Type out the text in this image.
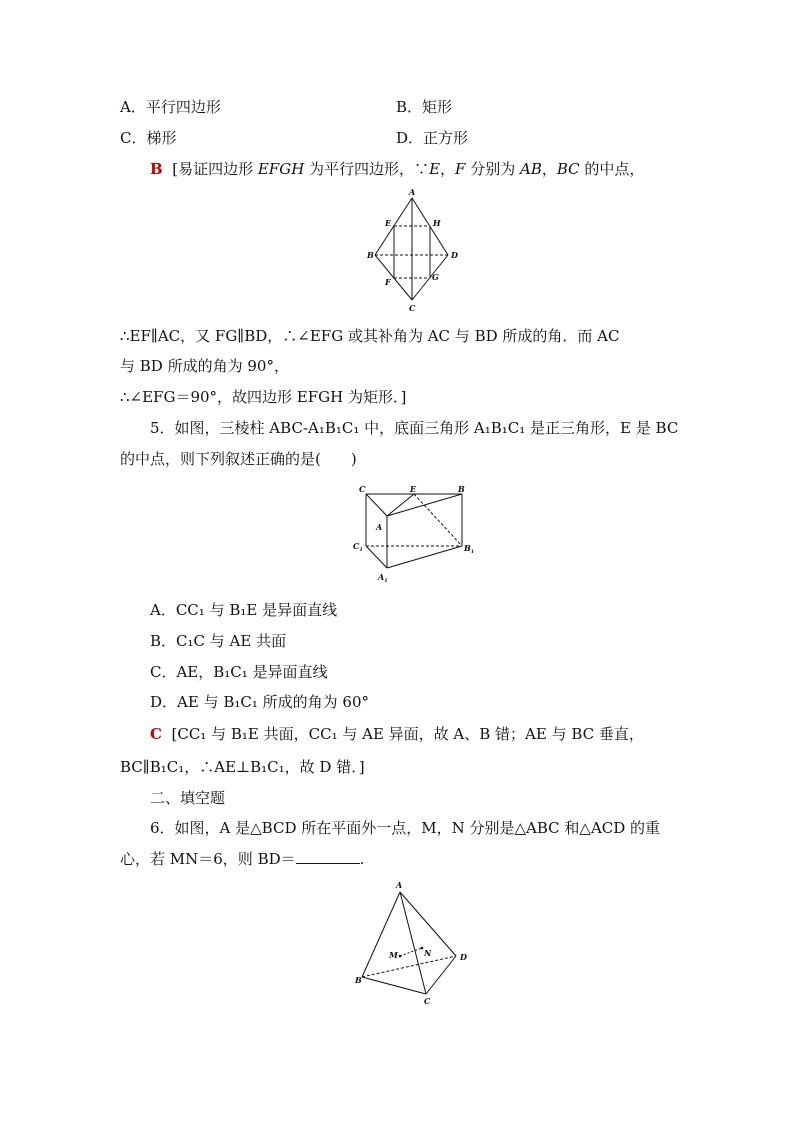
A．平行四边形	B．矩形
C．梯形	D．正方形
B [易证四边形 EFGH 为平行四边形，∵E，F 分别为 AB，BC 的中点，
A
E	H
B	D
F	G
C
∴EF∥AC，又 FG∥BD，∴∠EFG 或其补角为 AC 与 BD 所成的角．而 AC
与 BD 所成的角为 90°，
∴∠EFG＝90°，故四边形 EFGH 为矩形．]
5．如图，三棱柱 ABC-A₁B₁C₁ 中，底面三角形 A₁B₁C₁ 是正三角形，E 是 BC
的中点，则下列叙述正确的是(　　)
C	E	B
A
$C_1$	$B_1$
$A_1$
A．CC₁ 与 B₁E 是异面直线
B．C₁C 与 AE 共面
C．AE，B₁C₁ 是异面直线
D．AE 与 B₁C₁ 所成的角为 60°
C [CC₁ 与 B₁E 共面，CC₁ 与 AE 异面，故 A、B 错；AE 与 BC 垂直，
BC∥B₁C₁，∴AE⊥B₁C₁，故 D 错．]
二、填空题
6．如图，A 是△BCD 所在平面外一点，M，N 分别是△ABC 和△ACD 的重
心，若 MN＝6，则 BD＝	.
A
M	N	D
B
C
